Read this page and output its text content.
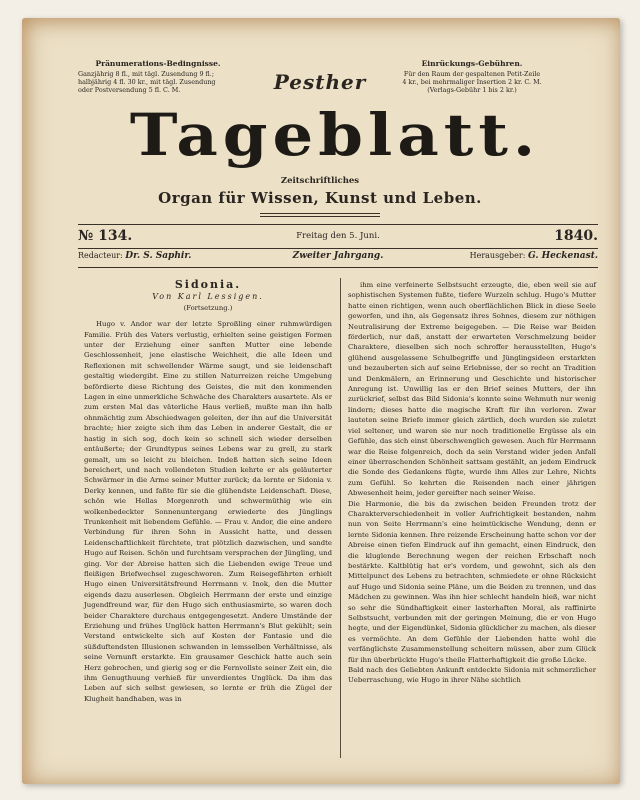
Pränumerations-Bedingnisse.
Ganzjährig 8 fl., mit tägl. Zusendung 9 fl.;
halbjährig 4 fl. 30 kr., mit tägl. Zusendung
oder Postversendung 5 fl. C. M.
Einrückungs-Gebühren.
Für den Raum der gespaltenen Petit-Zeile
4 kr., bei mehrmaliger Insertion 2 kr. C. M.
(Verlags-Gebühr 1 bis 2 kr.)
Pesther
Tageblatt.
Zeitschriftliches
Organ für Wissen, Kunst und Leben.
№ 134.	Freitag den 5. Juni.	1840.
Redacteur: Dr. S. Saphir.	Zweiter Jahrgang.	Herausgeber: G. Heckenast.
Sidonia.
Von Karl Lessigen.
(Fortsetzung.)

Hugo v. Andor war der letzte Sproßling einer ruhmwürdigen Familie. Früh des Vaters verlustig, erhielten seine geistigen Formen unter der Erziehung einer sanften Mutter eine lebende Geschlossenheit, jene elastische Weichheit, die alle Ideen und Reflexionen mit schwellender Wärme saugt, und sie leidenschaft gestaltig wiedergibt. Eine zu stillen Naturreizen reiche Umgebung befördierte diese Richtung des Geistes, die mit den kommenden Lagen in eine unmerkliche Schwäche des Charakters ausartete. Als er zum ersten Mal das väterliche Haus verließ, mußte man ihn halb ohnmächtig zum Abschiedwagen geleiten, der ihn auf die Universität brachte; hier zeigte sich ihm das Leben in anderer Gestalt, die er hastig in sich sog, doch kein so schnell sich wieder derselben entäußerte; der Grundtypus seines Lebens war zu grell, zu stark gemalt, um so leicht zu bleichen. Indeß hatten sich seine Ideen bereichert, und nach vollendeten Studien kehrte er als geläuterter Schwärmer in die Arme seiner Mutter zurück; da lernte er Sidonia v. Derky kennen, und faßte für sie die glühendste Leidenschaft. Diese, schön wie Hellas Morgenroth und schwermüthig wie ein wolkenbedeckter Sonnenuntergang erwiederte des Jünglings Trunkenheit mit liebendem Gefühle. — Frau v. Andor, die eine andere Verbindung für ihren Sohn in Aussicht hatte, und dessen Leidenschaftlichkeit fürchtete, trat plötzlich dazwischen, und sandte Hugo auf Reisen. Schön und furchtsam versprachen der Jüngling, und ging. Vor der Abreise hatten sich die Liebenden ewige Treue und fleißigen Briefwechsel zugeschworen. Zum Reisegefährten erhielt Hugo einen Universitätsfreund Herrmann v. Inok, den die Mutter eigends dazu auserlesen. Obgleich Herrmann der erste und einzige Jugendfreund war, für den Hugo sich enthusiasmirte, so waren doch beider Charaktere durchaus entgegengesetzt. Andere Umstände der Erziehung und frühes Unglück hatten Herrmann's Blut gekühlt; sein Verstand entwickelte sich auf Kosten der Fantasie und die süßduftendsten Illusionen schwanden in lemsselben Verhältnisse, als seine Vernunft erstarkte. Ein grausamer Geschick hatte auch sein Herz gebrochen, und gierig sog er die Fernvollste seiner Zeit ein, die ihm Genugthuung verhieß für unverdientes Unglück. Da ihm das Leben auf sich selbst gewiesen, so lernte er früh die Zügel der Klugheit handhaben, was in

ihm eine verfeinerte Selbstsucht erzeugte, die, eben weil sie auf sophistischen Systemen fußte, tiefere Wurzeln schlug. Hugo's Mutter hatte einen richtigen, wenn auch oberflächlichen Blick in diese Seele geworfen, und ihn, als Gegensatz ihres Sohnes, diesem zur nöthigen Neutralisirung der Extreme beigegeben. — Die Reise war Beiden förderlich, nur daß, anstatt der erwarteten Verschmelzung beider Charaktere, dieselben sich noch schroffer herausstellten, Hugo's glühend ausgelassene Schulbegriffe und Jünglingsideen erstarkten und bezauberten sich auf seine Erlebnisse, der so recht an Tradition und Denkmälern, an Erinnerung und Geschichte und historischer Anregung ist. Unwillig las er den Brief seines Mutters, der ihn zurückrief, selbst das Bild Sidonia's konnte seine Wehmuth nur wenig lindern; dieses hatte die magische Kraft für ihn verloren. Zwar lauteten seine Briefe immer gleich zärtlich, doch wurden sie zuletzt viel seltener, und waren sie nur noch traditionelle Ergüsse als ein Gefühle, das sich einst überschwenglich gewesen. Auch für Herrmann war die Reise folgenreich, doch da sein Verstand wider jeden Anfall einer überraschenden Schönheit sattsam gestählt, an jedem Eindruck die Sonde des Gedankens fügte, wurde ihm Alles zur Lehre, Nichts zum Gefühl. So kehrten die Reisenden nach einer jährigen Abwesenheit heim, jeder gereifter nach seiner Weise.
Die Harmonie, die bis da zwischen beiden Freunden trotz der Charakterverschiedenheit in voller Aufrichtigkeit bestanden, nahm nun von Seite Herrmann's eine heimtückische Wendung, denn er lernte Sidonia kennen. Ihre reizende Erscheinung hatte schon vor der Abreise einen tiefen Eindruck auf ihn gemacht, einen Eindruck, den die kluglende Berechnung wegen der reichen Erbschaft noch bestärkte. Kaltblütig hat er's vordem, und gewohnt, sich als den Mittelpunct des Lebens zu betrachten, schmiedete er ohne Rücksicht auf Hugo und Sidonia seine Pläne, um die Beiden zu trennen, und das Mädchen zu gewinnen. Was ihn hier schlecht handeln hieß, war nicht so sehr die Sündhaftigkeit einer lasterhaften Moral, als raffinirte Selbstsucht, verbunden mit der geringen Meinung, die er von Hugo hegte, und der Eigendünkel, Sidonia glücklicher zu machen, als dieser es vermöchte. An dem Gefühle der Liebenden hatte wohl die verfänglichste Zusammenstellung scheitern müssen, aber zum Glück für ihn überbrückte Hugo's theile Flatterhaftigkeit die große Lücke.
Bald nach des Geliebten Ankunft entdeckte Sidonia mit schmerzlicher Ueberraschung, wie Hugo in ihrer Nähe sichtlich
